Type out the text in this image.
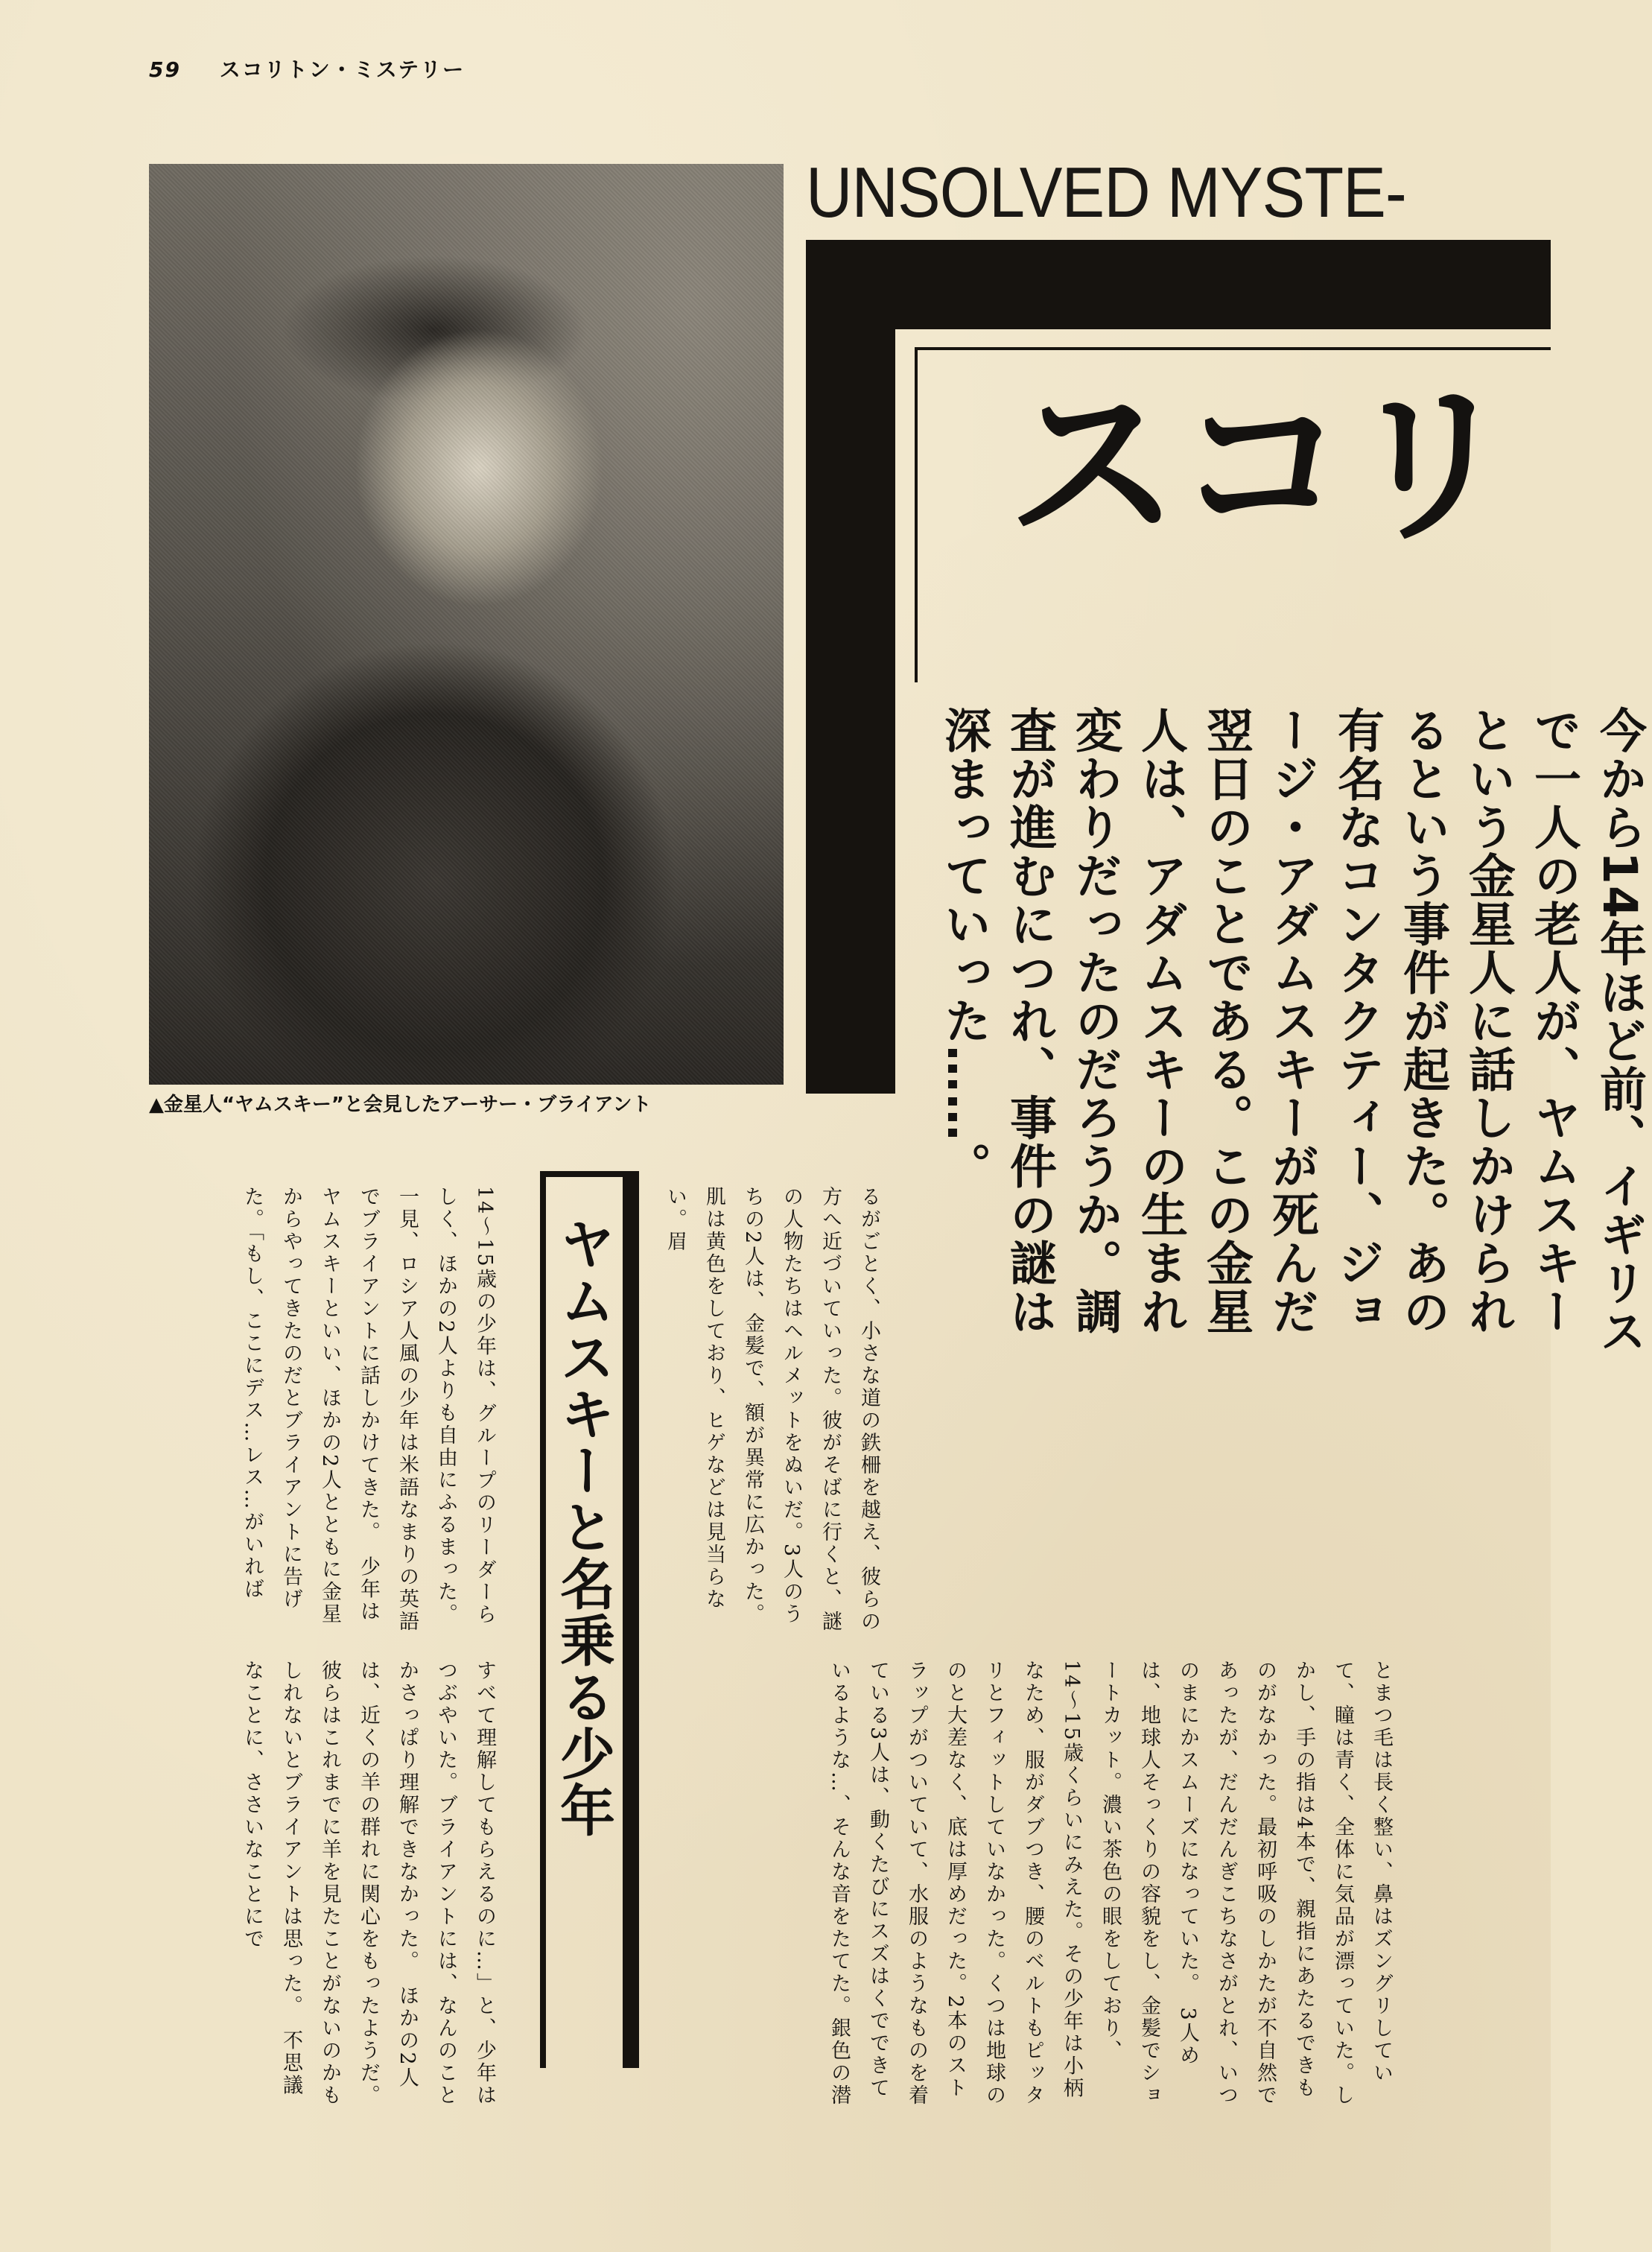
59 スコリトン・ミステリー
▲金星人“ヤムスキー”と会見したアーサー・ブライアント
UNSOLVED MYSTE-
スコリ
今から14年ほど前、イギリスで一人の老人が、ヤムスキーという金星人に話しかけられるという事件が起きた。あの有名なコンタクティー、ジョージ・アダムスキーが死んだ翌日のことである。この金星人は、アダムスキーの生まれ変わりだったのだろうか。調査が進むにつれ、事件の謎は深まっていった……。
ヤムスキーと名乗る少年	るがごとく、小さな道の鉄柵を越え、彼らの方へ近づいていった。彼がそばに行くと、謎の人物たちはヘルメットをぬいだ。3人のうちの2人は、金髪で、額が異常に広かった。肌は黄色をしており、ヒゲなどは見当らない。眉

14〜15歳の少年は、グループのリーダーらしく、ほかの2人よりも自由にふるまった。一見、ロシア人風の少年は米語なまりの英語でブライアントに話しかけてきた。　少年はヤムスキーといい、ほかの2人とともに金星からやってきたのだとブライアントに告げた。「もし、ここにデス…レス…がいれば

とまつ毛は長く整い、鼻はズングリしていて、瞳は青く、全体に気品が漂っていた。しかし、手の指は4本で、親指にあたるできものがなかった。最初呼吸のしかたが不自然であったが、だんだんぎこちなさがとれ、いつのまにかスムーズになっていた。　3人めは、地球人そっくりの容貌をし、金髪でショートカット。濃い茶色の眼をしており、14〜15歳くらいにみえた。その少年は小柄なため、服がダブつき、腰のベルトもピッタリとフィットしていなかった。くつは地球ののと大差なく、底は厚めだった。2本のストラップがついていて、水服のようなものを着ている3人は、動くたびにスズはくでできているような…、そんな音をたてた。銀色の潜

すべて理解してもらえるのに…」と、少年はつぶやいた。ブライアントには、なんのことかさっぱり理解できなかった。　ほかの2人は、近くの羊の群れに関心をもったようだ。彼らはこれまでに羊を見たことがないのかもしれないとブライアントは思った。　不思議なことに、ささいなことにで
